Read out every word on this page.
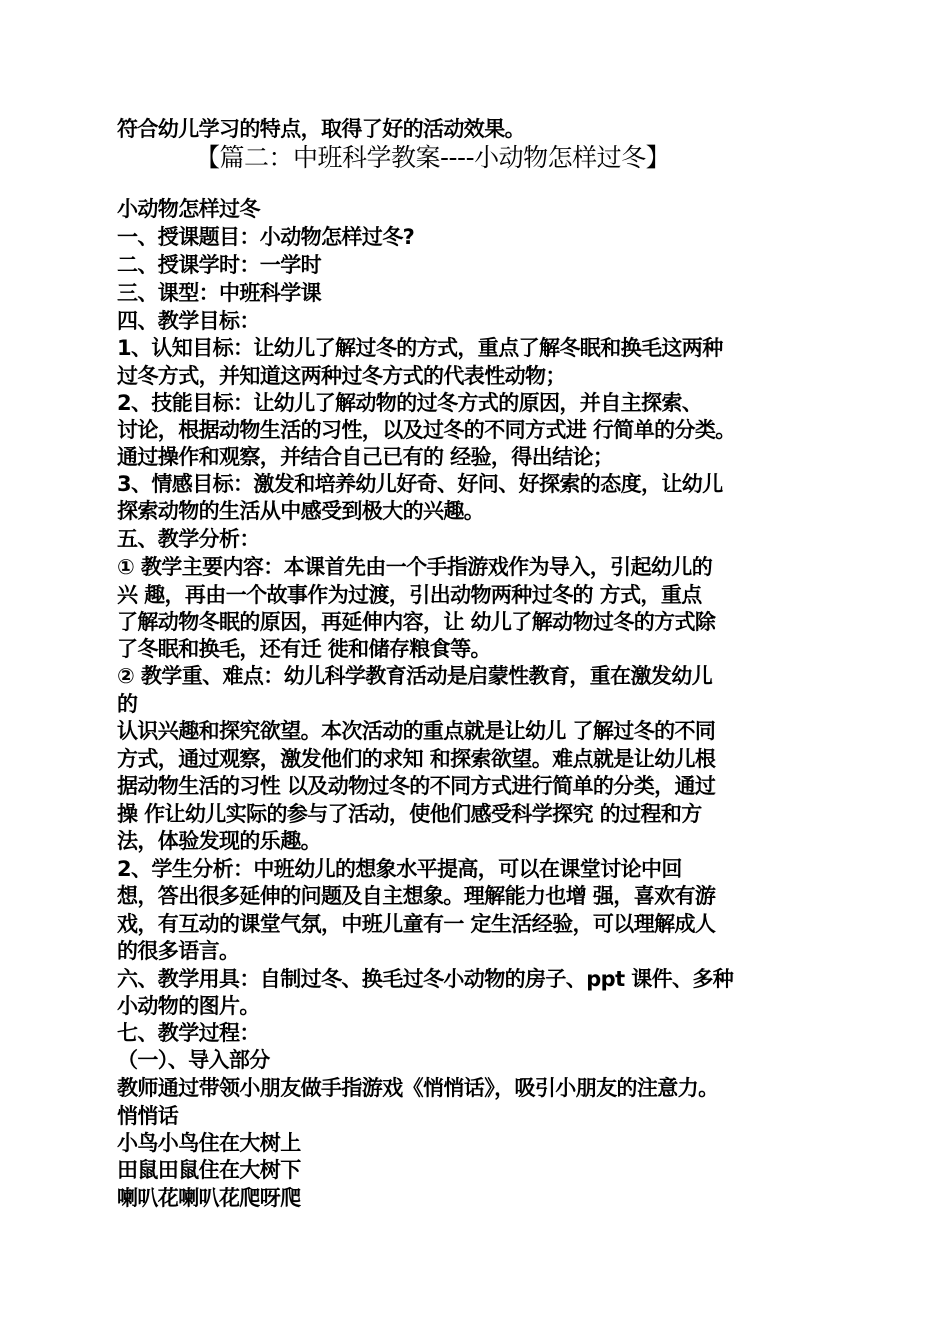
符合幼儿学习的特点，取得了好的活动效果。
【篇二：中班科学教案----小动物怎样过冬】
小动物怎样过冬
一、授课题目：小动物怎样过冬?
二、授课学时：一学时
三、课型：中班科学课
四、教学目标：
1、认知目标：让幼儿了解过冬的方式，重点了解冬眠和换毛这两种
过冬方式，并知道这两种过冬方式的代表性动物；
2、技能目标：让幼儿了解动物的过冬方式的原因，并自主探索、
讨论，根据动物生活的习性，以及过冬的不同方式进 行简单的分类。
通过操作和观察，并结合自己已有的 经验，得出结论；
3、情感目标：激发和培养幼儿好奇、好问、好探索的态度，让幼儿
探索动物的生活从中感受到极大的兴趣。
五、教学分析：
① 教学主要内容：本课首先由一个手指游戏作为导入，引起幼儿的
兴 趣，再由一个故事作为过渡，引出动物两种过冬的 方式，重点
了解动物冬眠的原因，再延伸内容，让 幼儿了解动物过冬的方式除
了冬眠和换毛，还有迁 徙和储存粮食等。
② 教学重、难点：幼儿科学教育活动是启蒙性教育，重在激发幼儿
的
认识兴趣和探究欲望。本次活动的重点就是让幼儿 了解过冬的不同
方式，通过观察，激发他们的求知 和探索欲望。难点就是让幼儿根
据动物生活的习性 以及动物过冬的不同方式进行简单的分类，通过
操 作让幼儿实际的参与了活动，使他们感受科学探究 的过程和方
法，体验发现的乐趣。
2、学生分析：中班幼儿的想象水平提高，可以在课堂讨论中回
想，答出很多延伸的问题及自主想象。理解能力也增 强，喜欢有游
戏，有互动的课堂气氛，中班儿童有一 定生活经验，可以理解成人
的很多语言。
六、教学用具：自制过冬、换毛过冬小动物的房子、ppt 课件、多种
小动物的图片。
七、教学过程：
（一）、导入部分
教师通过带领小朋友做手指游戏《悄悄话》，吸引小朋友的注意力。
悄悄话
小鸟小鸟住在大树上
田鼠田鼠住在大树下
喇叭花喇叭花爬呀爬
